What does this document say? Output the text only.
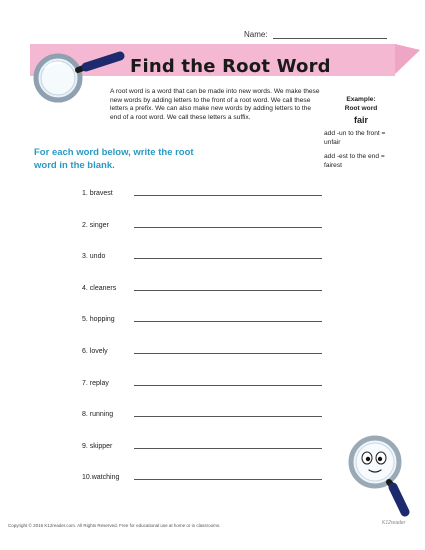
Name:
Find the Root Word
A root word is a word that can be made into new words. We make these new words by adding letters to the front of a root word. We call these letters a prefix. We can also make new words by adding letters to the end of a root word. We call these letters a suffix.
Example:
Root word
fair
add -un to the front = unfair
add -est to the end = fairest
For each word below, write the root word in the blank.
1. bravest
2. singer
3. undo
4. cleaners
5. hopping
6. lovely
7. replay
8. running
9. skipper
10.watching
Copyright © 2016 K12reader.com. All Rights Reserved. Free for educational use at home or in classrooms.	K12reader
